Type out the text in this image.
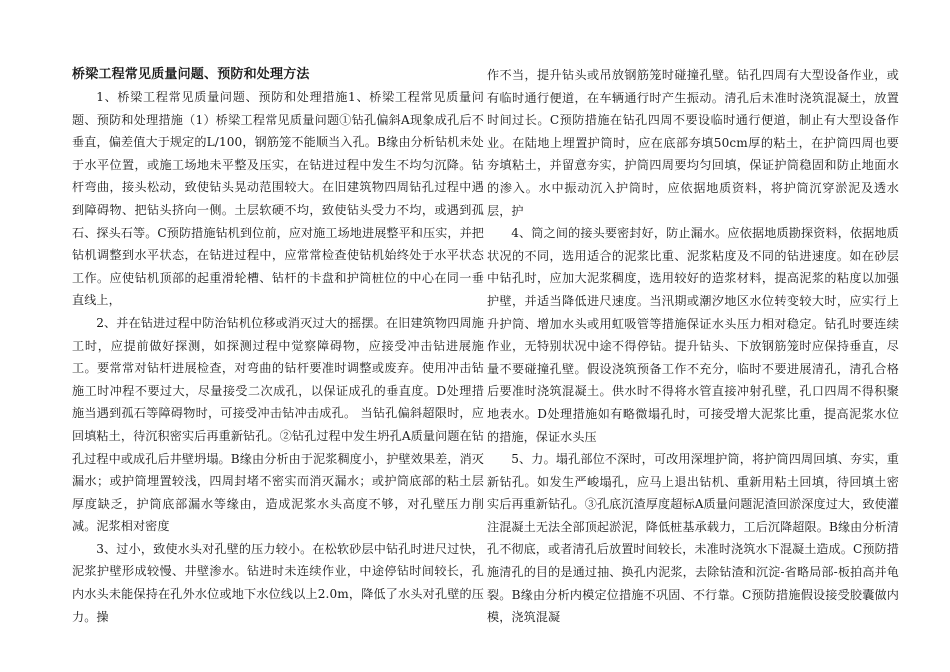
桥梁工程常见质量问题、预防和处理方法

1、桥梁工程常见质量问题、预防和处理措施1、桥梁工程常见质量问题、预防和处理措施（1）桥梁工程常见质量问题①钻孔偏斜A现象成孔后不垂直，偏差值大于规定的L/100，钢筋笼不能顺当入孔。B缘由分析钻机未处于水平位置，或施工场地未平整及压实，在钻进过程中发生不均匀沉降。钻杆弯曲，接头松动，致使钻头晃动范围较大。在旧建筑物四周钻孔过程中遇到障碍物、把钻头挤向一侧。土层软硬不均，致使钻头受力不均，或遇到孤石、探头石等。C预防措施钻机到位前，应对施工场地进展整平和压实，并把钻机调整到水平状态，在钻进过程中，应常常检查使钻机始终处于水平状态工作。应使钻机顶部的起重滑轮槽、钻杆的卡盘和护筒桩位的中心在同一垂直线上，

2、并在钻进过程中防治钻机位移或消灭过大的摇摆。在旧建筑物四周施工时，应提前做好探测，如探测过程中觉察障碍物，应接受冲击钻进展施工。要常常对钻杆进展检查，对弯曲的钻杆要准时调整或废弃。使用冲击钻施工时冲程不要过大，尽量接受二次成孔，以保证成孔的垂直度。D处理措施当遇到孤石等障碍物时，可接受冲击钻冲击成孔。 当钻孔偏斜超限时，应回填粘土，待沉积密实后再重新钻孔。②钻孔过程中发生坍孔A质量问题在钻孔过程中或成孔后井壁坍塌。B缘由分析由于泥浆稠度小，护壁效果差，消灭漏水；或护筒埋置较浅，四周封堵不密实而消灭漏水；或护筒底部的粘土层厚度缺乏，护筒底部漏水等缘由，造成泥浆水头高度不够，对孔壁压力削减。泥浆相对密度

3、过小，致使水头对孔壁的压力较小。在松软砂层中钻孔时进尺过快，泥浆护壁形成较慢、井壁渗水。钻进时未连续作业，中途停钻时间较长，孔内水头未能保持在孔外水位或地下水位线以上2.0m，降低了水头对孔壁的压力。操

作不当，提升钻头或吊放钢筋笼时碰撞孔壁。钻孔四周有大型设备作业，或有临时通行便道，在车辆通行时产生振动。清孔后未准时浇筑混凝土，放置时间过长。C预防措施在钻孔四周不要设临时通行便道，制止有大型设备作业。在陆地上埋置护筒时，应在底部夯填50cm厚的粘土，在护筒四周也要夯填粘土，并留意夯实，护筒四周要均匀回填，保证护筒稳固和防止地面水的渗入。水中振动沉入护筒时，应依据地质资料，将护筒沉穿淤泥及透水层，护

4、筒之间的接头要密封好，防止漏水。应依据地质勘探资料，依据地质状况的不同，选用适合的泥浆比重、泥浆粘度及不同的钻进速度。如在砂层中钻孔时，应加大泥浆稠度，选用较好的造浆材料，提高泥浆的粘度以加强护壁，并适当降低进尺速度。当汛期或潮汐地区水位转变较大时，应实行上升护筒、增加水头或用虹吸管等措施保证水头压力相对稳定。钻孔时要连续作业，无特别状况中途不得停钻。提升钻头、下放钢筋笼时应保持垂直，尽量不要碰撞孔壁。假设浇筑预备工作不充分，临时不要进展清孔，清孔合格后要准时浇筑混凝土。供水时不得将水管直接冲射孔壁，孔口四周不得积聚地表水。D处理措施如有略微塌孔时，可接受增大泥浆比重，提高泥浆水位的措施，保证水头压

5、力。塌孔部位不深时，可改用深埋护筒，将护筒四周回填、夯实，重新钻孔。如发生严峻塌孔，应马上退出钻机、重新用粘土回填，待回填土密实后再重新钻孔。③孔底沉渣厚度超标A质量问题泥渣回淤深度过大，致使灌注混凝土无法全部顶起淤泥，降低桩基承载力，工后沉降超限。B缘由分析清孔不彻底，或者清孔后放置时间较长，未准时浇筑水下混凝土造成。C预防措施清孔的目的是通过抽、换孔内泥浆，去除钻渣和沉淀-省略局部-板拍高并龟裂。B缘由分析内模定位措施不巩固、不行靠。C预防措施假设接受胶囊做内模，浇筑混凝
